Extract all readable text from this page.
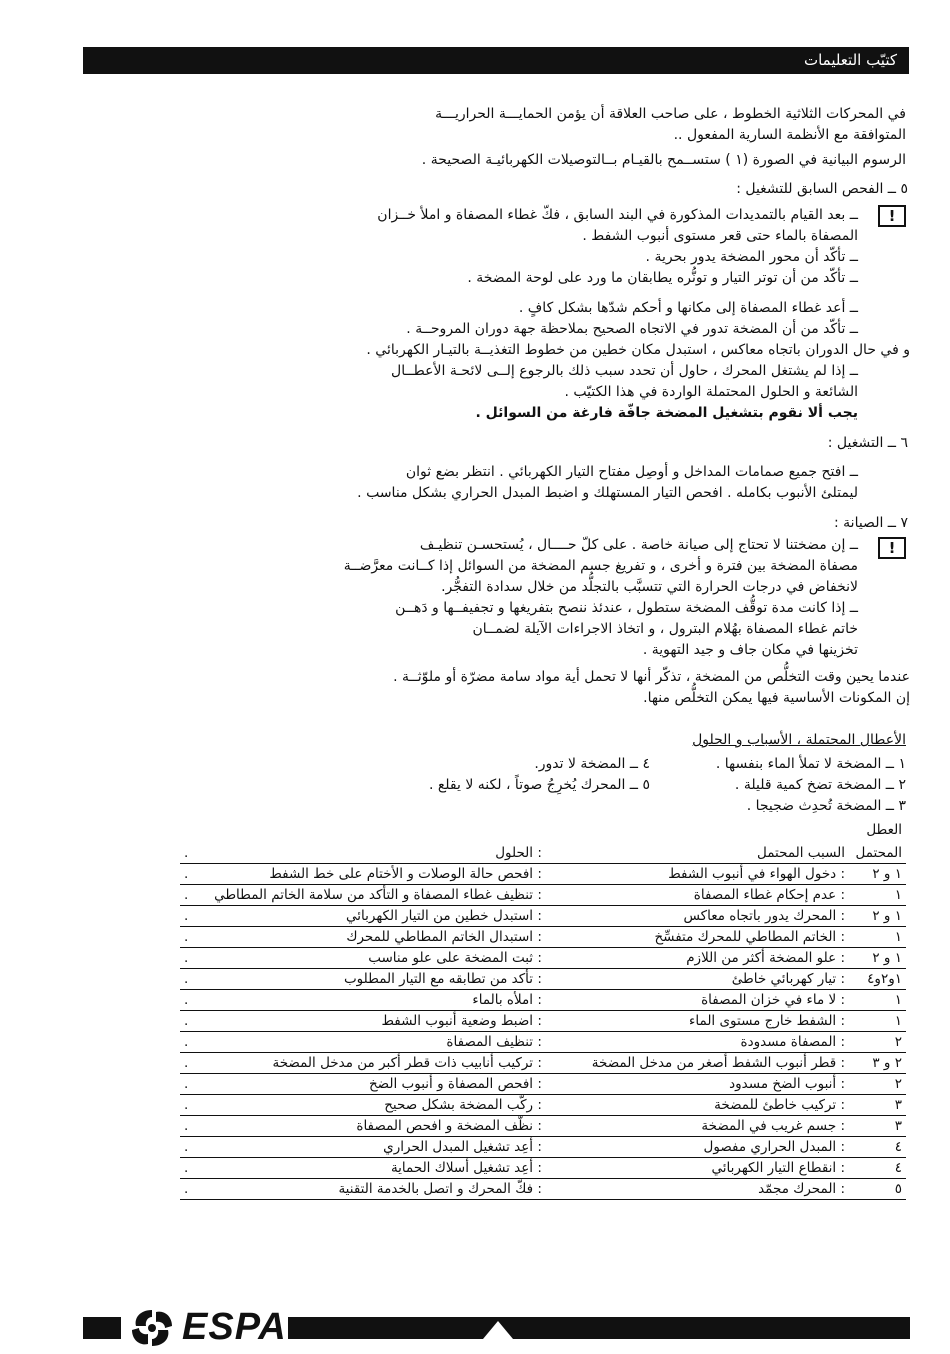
كتيّب التعليمات
في المحركات الثلاثية الخطوط ، على صاحب العلاقة أن يؤمن الحمايـــة الحراريـــة
المتوافقة مع الأنظمة السارية المفعول ..
الرسوم البيانية في الصورة (١ ) ستســمح بالقيـام بــالتوصيلات الكهربائيـة الصحيحة .
٥ ــ الفحص السابق للتشغيل :
!
ــ بعد القيام بالتمديدات المذكورة في البند السابق ، فكّ غطاء المصفاة و املأ خــزان
المصفاة بالماء حتى قعر مستوى أنبوب الشفط .
ــ تأكّد أن محور المضخة يدور بحرية .
ــ تأكّد من أن توتر التيار و تونُّره يطابقان ما ورد على لوحة المضخة .
ــ أعد غطاء المصفاة إلى مكانها و أحكم شدّها بشكل كافٍ .
ــ تأكّد من أن المضخة تدور في الاتجاه الصحيح بملاحظة جهة دوران المروحــة .
و في حال الدوران باتجاه معاكس ، استبدل مكان خطين من خطوط التغذيــة بالتيـار الكهربائي .
ــ إذا لم يشتغل المحرك ، حاول أن تحدد سبب ذلك بالرجوع إلــى لائحـة الأعطــال
الشائعة و الحلول المحتملة الواردة في هذا الكتيّب .
يجب ألا نقوم بتشغيل المضخة جافّة فارغة من السوائل .
٦ ــ التشغيل :
ــ افتح جميع صمامات المداخل و أوصِل مفتاح التيار الكهربائي . انتظر بضع ثوان
ليمتلئ الأنبوب بكامله . افحص التيار المستهلك و اضبط المبدل الحراري بشكل مناسب .
٧ ــ الصيانة :
!
ــ إن مضختنا لا تحتاج إلى صيانة خاصة . على كلّ حــــال ، يُستحسـن تنظيـف
مصفاة المضخة بين فترة و أخرى ، و تفريغ جسم المضخة من السوائل إذا كــانت معرَّضــة
لانخفاض في درجات الحرارة التي تتسبَّب بالتجلُّد من خلال سدادة التفجُّر.
ــ إذا كانت مدة توقُّف المضخة ستطول ، عندئذ ننصح بتفريغها و تجفيفــها و دَهــن
خاتم غطاء المصفاة بهُلام البترول ، و اتخاذ الاجراءات الآيلة لضمــان
تخزينها في مكان جاف و جيد التهوية .
عندما يحين وقت التخلُّص من المضخة ، تذكّر أنها لا تحمل أية مواد سامة مضرّة أو ملوّثــة .
إن المكونات الأساسية فيها يمكن التخلُّص منها.
الأعطال المحتملة ، الأسباب و الحلول
١ ــ المضخة لا تملأ الماء بنفسها .
٢ ــ المضخة تضخ كمية قليلة .
٣ ــ المضخة تُحدِث ضجيجا .
٤ ــ المضخة لا تدور.
٥ ــ المحرك يُخرِجُ صوتاً ، لكنه لا يقلع .
العطل
المحتمل	السبب المحتمل	: الحلول	.
١ و ٢	: دخول الهواء في أنبوب الشفط	: افحص حالة الوصلات و الأختام على خط الشفط	.
١	: عدم إحكام غطاء المصفاة	: تنظيف غطاء المصفاة و التأكد من سلامة الخاتم المطاطي	.
١ و ٢	: المحرك يدور باتجاه معاكس	: استبدل خطين من التيار الكهربائي	.
١	: الخاتم المطاطي للمحرك متفسِّخ	: استبدال الخاتم المطاطي للمحرك	.
١ و ٢	: علو المضخة أكثر من اللازم	: ثبت المضخة على علو مناسب	.
١و٢و٤	: تيار كهربائي خاطئ	: تأكد من تطابقه مع التيار المطلوب	.
١	: لا ماء في خزان المصفاة	: املأه بالماء	.
١	: الشفط خارج مستوى الماء	: اضبط وضعية أنبوب الشفط	.
٢	: المصفاة مسدودة	: تنظيف المصفاة	.
٢ و ٣	: قطر أنبوب الشفط أصغر من مدخل المضخة	: تركيب أنابيب ذات قطر أكبر من مدخل المضخة	.
٢	: أنبوب الضخ مسدود	: افحص المصفاة و أنبوب الضخ	.
٣	: تركيب خاطئ للمضخة	: ركّب المضخة بشكل صحيح	.
٣	: جسم غريب في المضخة	: نظّف المضخة و افحص المصفاة	.
٤	: المبدل الحراري مفصول	: أعِد تشغيل المبدل الحراري	.
٤	: انقطاع التيار الكهربائي	: أعِد تشغيل أسلاك الحماية	.
٥	: المحرك مجمّد	: فكّ المحرك و اتصل بالخدمة التقنية	.
ESPA
